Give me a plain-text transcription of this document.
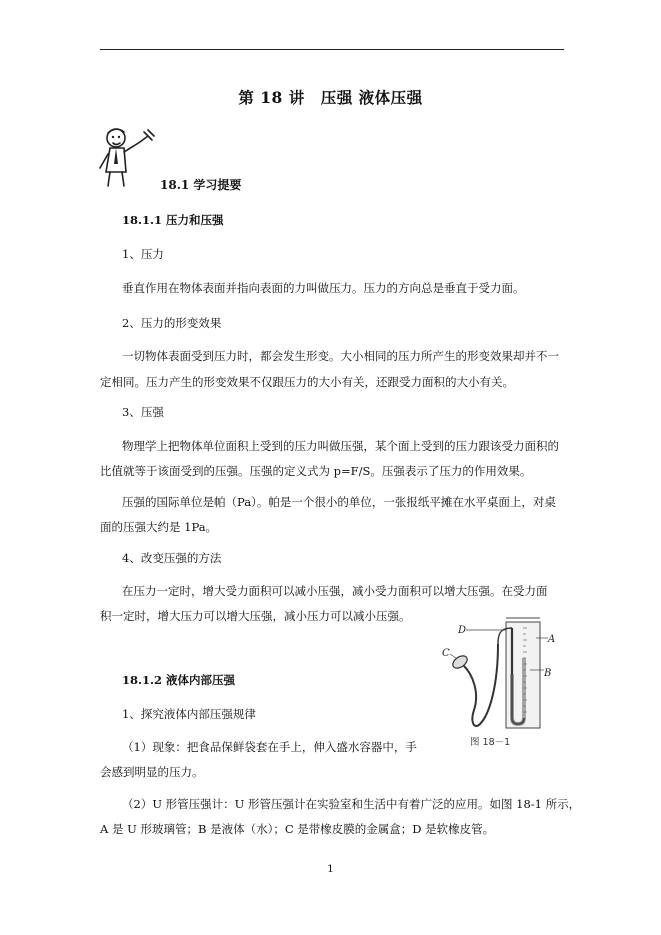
第 18 讲　压强 液体压强
18.1 学习提要
18.1.1 压力和压强
1、压力
垂直作用在物体表面并指向表面的力叫做压力。压力的方向总是垂直于受力面。
2、压力的形变效果
一切物体表面受到压力时，都会发生形变。大小相同的压力所产生的形变效果却并不一
定相同。压力产生的形变效果不仅跟压力的大小有关，还跟受力面积的大小有关。
3、压强
物理学上把物体单位面积上受到的压力叫做压强，某个面上受到的压力跟该受力面积的
比值就等于该面受到的压强。压强的定义式为 p=F/S。压强表示了压力的作用效果。
压强的国际单位是帕（Pa）。帕是一个很小的单位，一张报纸平摊在水平桌面上，对桌
面的压强大约是 1Pa。
4、改变压强的方法
在压力一定时，增大受力面积可以减小压强，减小受力面积可以增大压强。在受力面
积一定时，增大压力可以增大压强，减小压力可以减小压强。
18.1.2 液体内部压强
1、探究液体内部压强规律
（1）现象：把食品保鲜袋套在手上，伸入盛水容器中，手
会感到明显的压力。
（2）U 形管压强计：U 形管压强计在实验室和生活中有着广泛的应用。如图 18-1 所示，
A 是 U 形玻璃管；B 是液体（水）；C 是带橡皮膜的金属盒；D 是软橡皮管。
D
A
B
C
图 18－1
1
